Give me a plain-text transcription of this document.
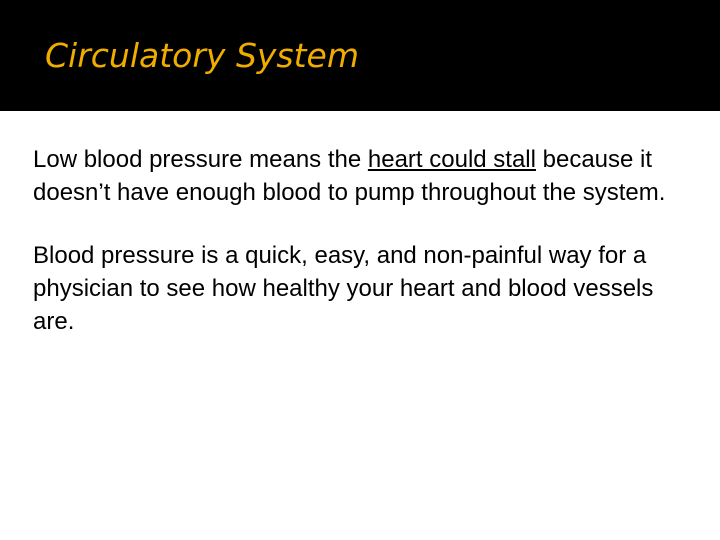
Circulatory System

Low blood pressure means the heart could stall because it doesn’t have enough blood to pump throughout the system.

Blood pressure is a quick, easy, and non-painful way for a physician to see how healthy your heart and blood vessels are.
